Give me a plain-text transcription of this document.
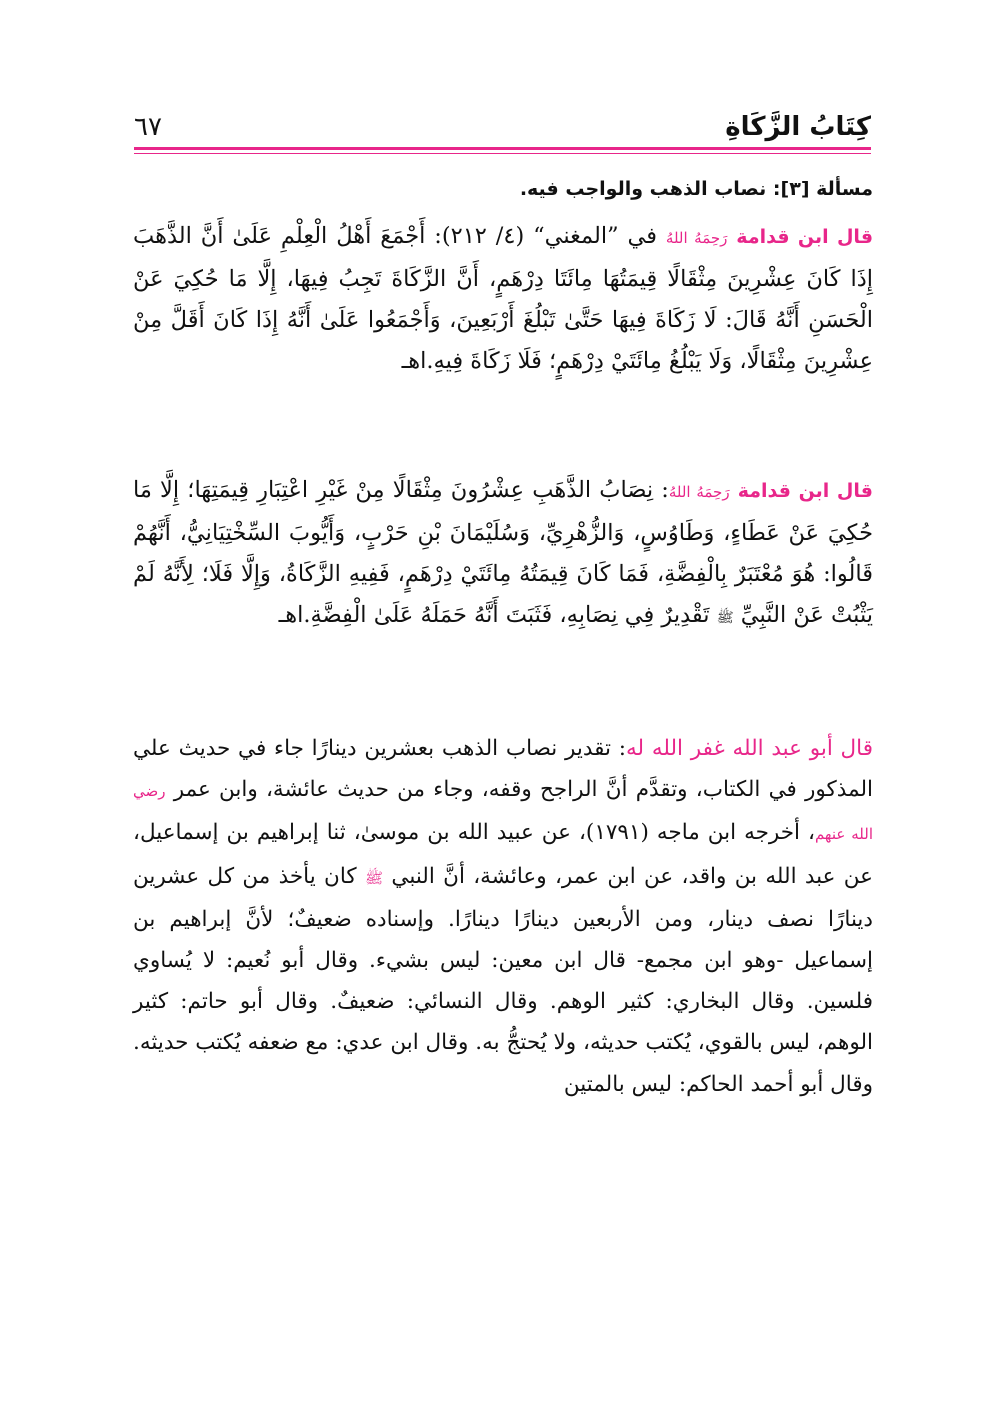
٦٧	كِتَابُ الزَّكَاةِ
مسألة [٣]: نصاب الذهب والواجب فيه.
قال ابن قدامة رَحِمَهُ اللهُ في ”المغني“ (٤/ ٢١٢): أَجْمَعَ أَهْلُ الْعِلْمِ عَلَىٰ أَنَّ الذَّهَبَ إِذَا كَانَ عِشْرِينَ مِثْقَالًا قِيمَتُهَا مِائَتَا دِرْهَمٍ، أَنَّ الزَّكَاةَ تَجِبُ فِيهَا، إِلَّا مَا حُكِيَ عَنْ الْحَسَنِ أَنَّهُ قَالَ: لَا زَكَاةَ فِيهَا حَتَّىٰ تَبْلُغَ أَرْبَعِينَ، وَأَجْمَعُوا عَلَىٰ أَنَّهُ إِذَا كَانَ أَقَلَّ مِنْ عِشْرِينَ مِثْقَالًا، وَلَا يَبْلُغُ مِائَتَيْ دِرْهَمٍ؛ فَلَا زَكَاةَ فِيهِ.اهـ
قال ابن قدامة رَحِمَهُ اللهُ: نِصَابُ الذَّهَبِ عِشْرُونَ مِثْقَالًا مِنْ غَيْرِ اعْتِبَارِ قِيمَتِهَا؛ إِلَّا مَا حُكِيَ عَنْ عَطَاءٍ، وَطَاوُسٍ، وَالزُّهْرِيِّ، وَسُلَيْمَانَ بْنِ حَرْبٍ، وَأَيُّوبَ السِّخْتِيَانِيُّ، أَنَّهُمْ قَالُوا: هُوَ مُعْتَبَرٌ بِالْفِضَّةِ، فَمَا كَانَ قِيمَتُهُ مِائَتَيْ دِرْهَمٍ، فَفِيهِ الزَّكَاةُ، وَإِلَّا فَلَا؛ لِأَنَّهُ لَمْ يَثْبُتْ عَنْ النَّبِيِّ ﷺ تَقْدِيرٌ فِي نِصَابِهِ، فَثَبَتَ أَنَّهُ حَمَلَهُ عَلَىٰ الْفِضَّةِ.اهـ
قال أبو عبد الله غفر الله له: تقدير نصاب الذهب بعشرين دينارًا جاء في حديث علي المذكور في الكتاب، وتقدَّم أنَّ الراجح وقفه، وجاء من حديث عائشة، وابن عمر رضي الله عنهم، أخرجه ابن ماجه (١٧٩١)، عن عبيد الله بن موسىٰ، ثنا إبراهيم بن إسماعيل، عن عبد الله بن واقد، عن ابن عمر، وعائشة، أنَّ النبي ﷺ كان يأخذ من كل عشرين دينارًا نصف دينار، ومن الأربعين دينارًا دينارًا. وإسناده ضعيفٌ؛ لأنَّ إبراهيم بن إسماعيل -وهو ابن مجمع- قال ابن معين: ليس بشيء. وقال أبو نُعيم: لا يُساوي فلسين. وقال البخاري: كثير الوهم. وقال النسائي: ضعيفٌ. وقال أبو حاتم: كثير الوهم، ليس بالقوي، يُكتب حديثه، ولا يُحتجُّ به. وقال ابن عدي: مع ضعفه يُكتب حديثه. وقال أبو أحمد الحاكم: ليس بالمتين
